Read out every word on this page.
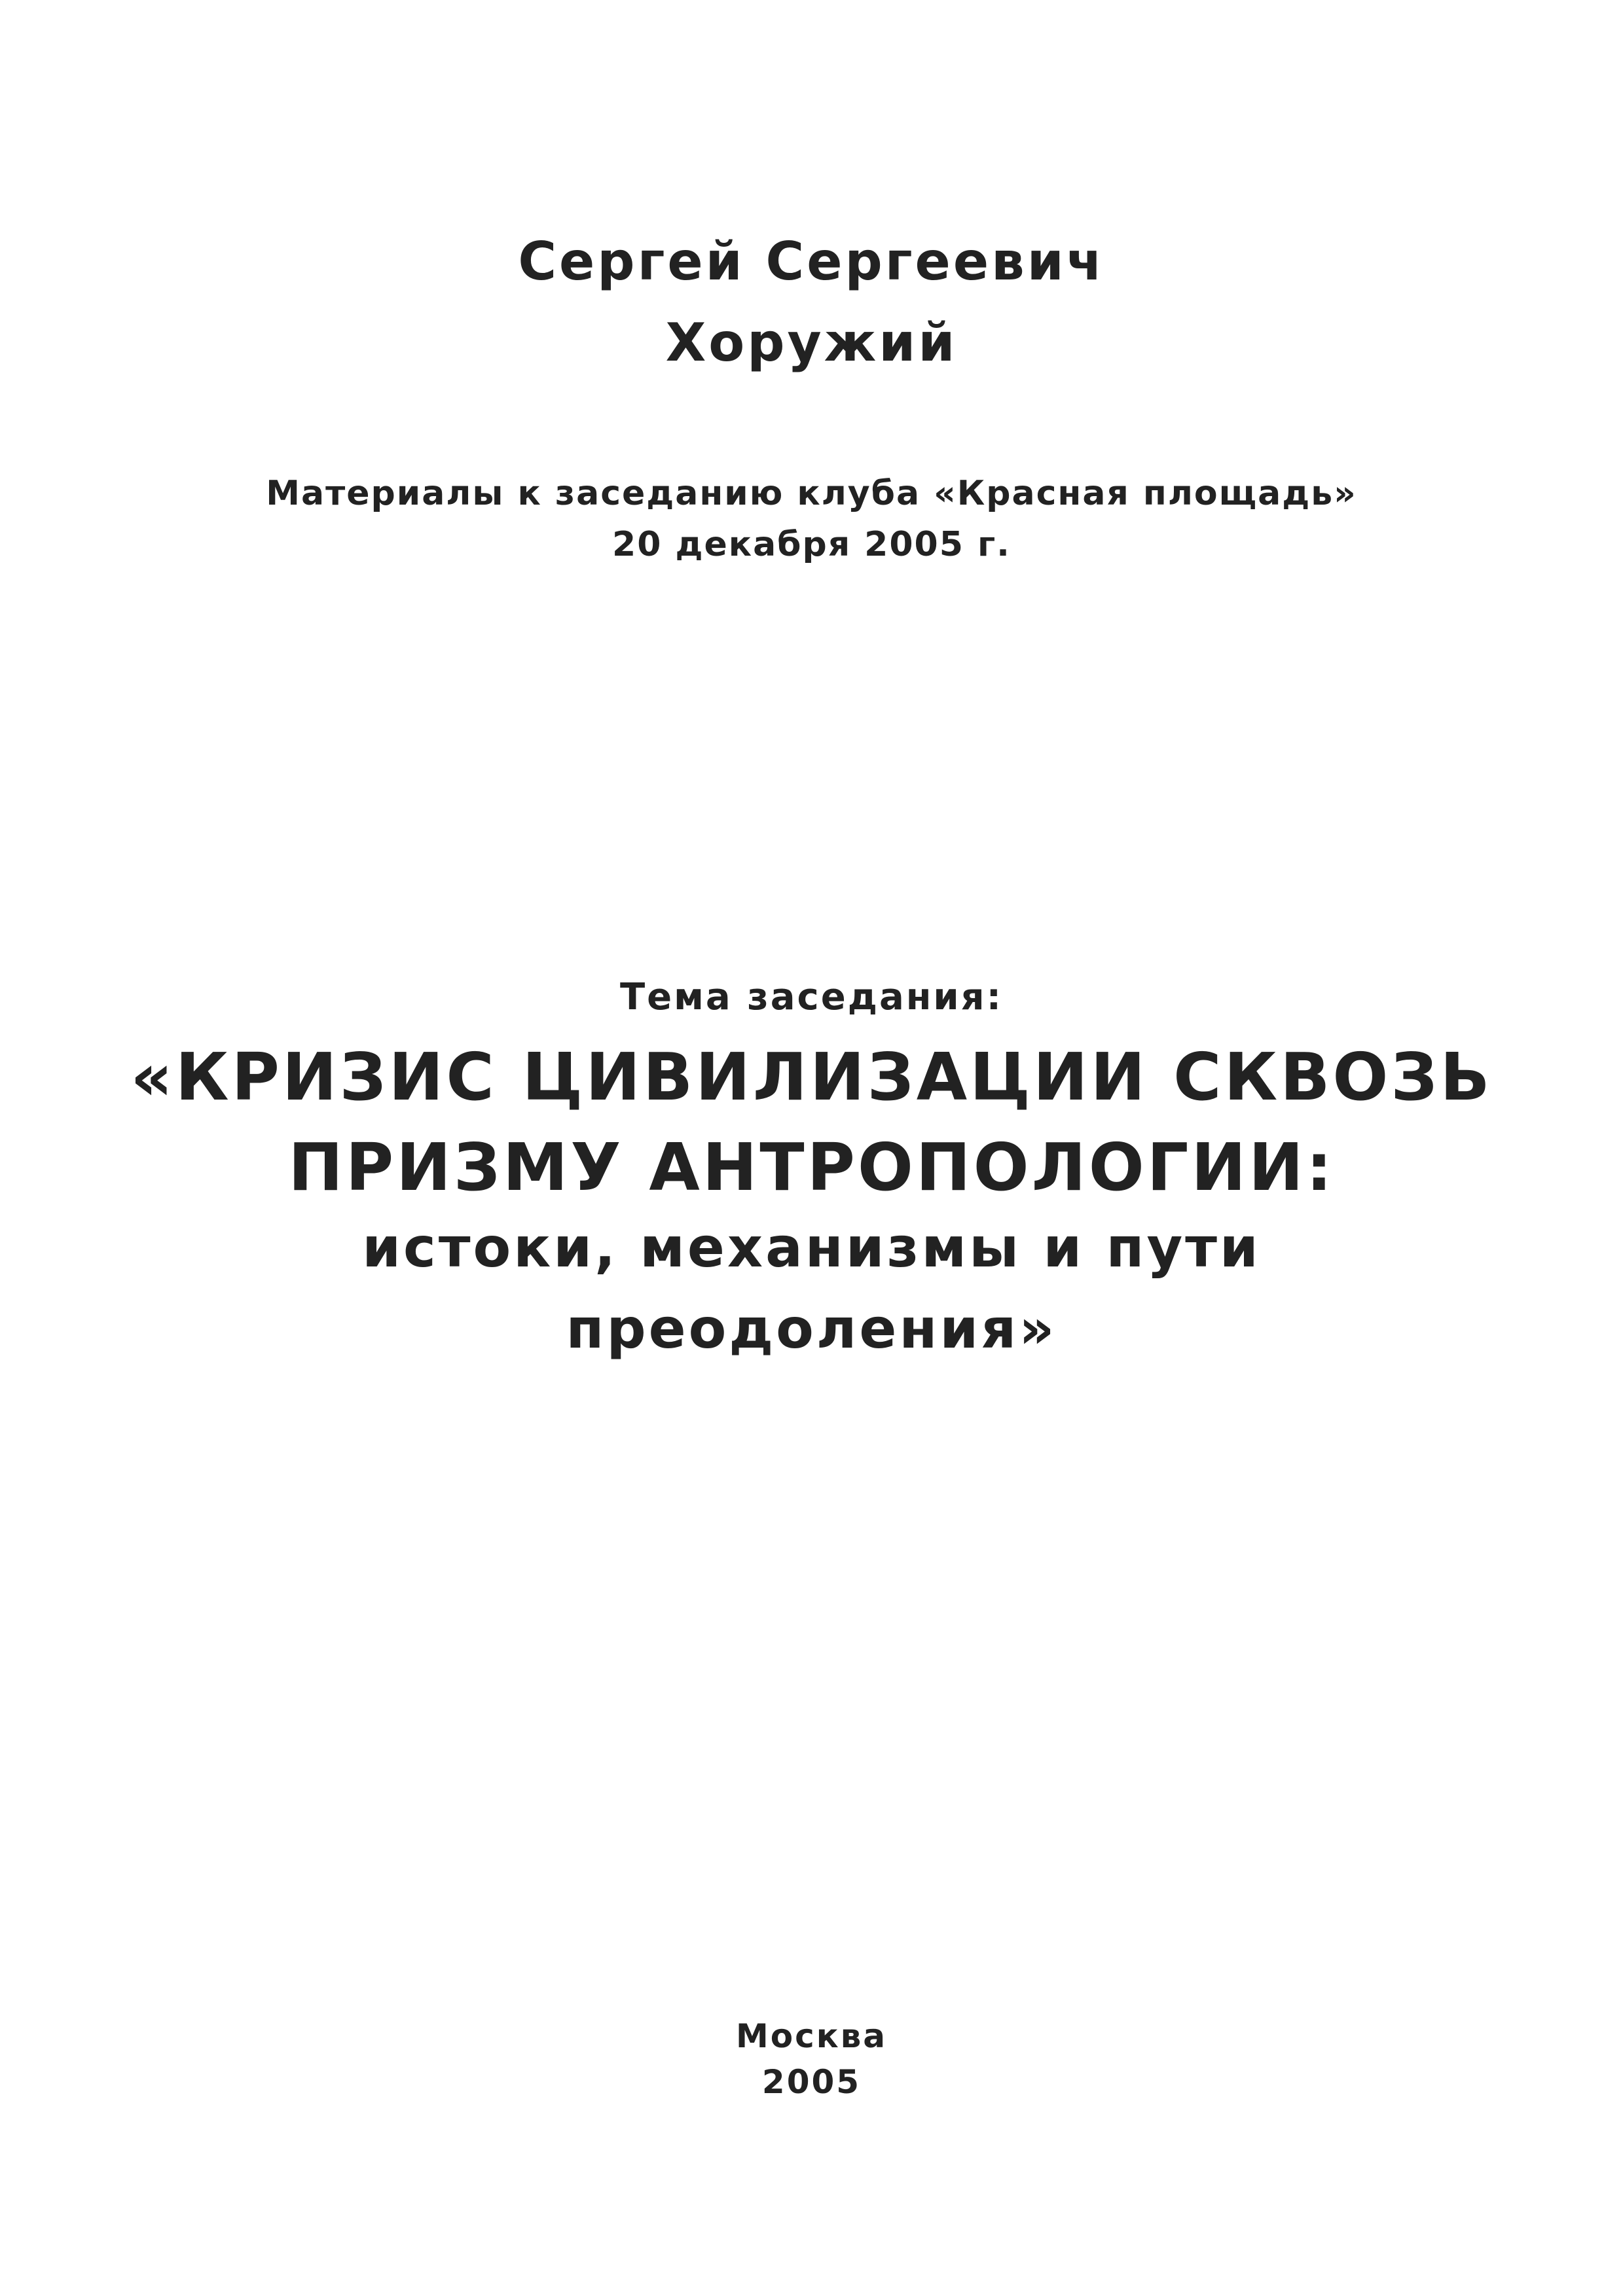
Сергей Сергеевич
Хоружий
Материалы к заседанию клуба «Красная площадь»
20 декабря 2005 г.
Тема заседания:
«КРИЗИС ЦИВИЛИЗАЦИИ СКВОЗЬ
ПРИЗМУ АНТРОПОЛОГИИ:
истоки, механизмы и пути
преодоления»
Москва
2005
